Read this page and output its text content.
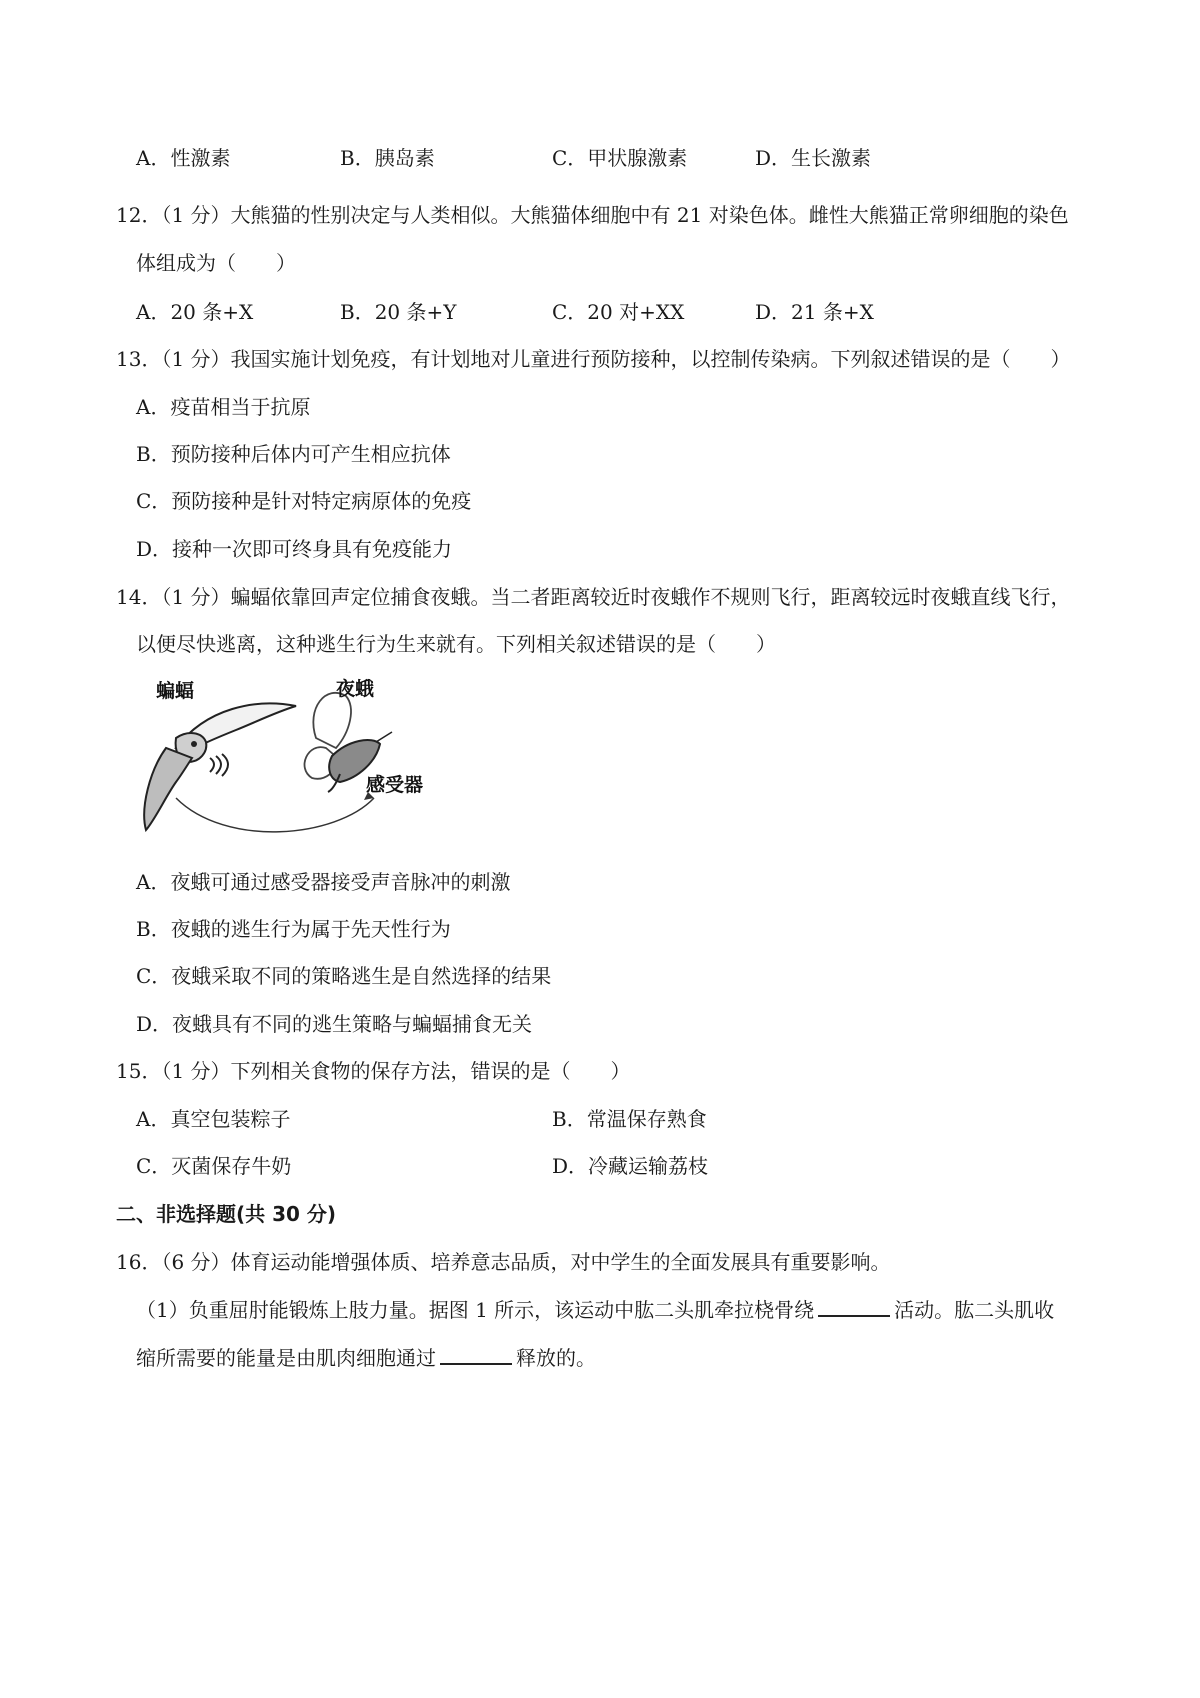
A．性激素	B．胰岛素	C．甲状腺激素	D．生长激素
12．（1 分）大熊猫的性别决定与人类相似。大熊猫体细胞中有 21 对染色体。雌性大熊猫正常卵细胞的染色
体组成为（　　）
A．20 条+X	B．20 条+Y	C．20 对+XX	D．21 条+X
13．（1 分）我国实施计划免疫，有计划地对儿童进行预防接种，以控制传染病。下列叙述错误的是（　　）
A．疫苗相当于抗原
B．预防接种后体内可产生相应抗体
C．预防接种是针对特定病原体的免疫
D．接种一次即可终身具有免疫能力
14．（1 分）蝙蝠依靠回声定位捕食夜蛾。当二者距离较近时夜蛾作不规则飞行，距离较远时夜蛾直线飞行，
以便尽快逃离，这种逃生行为生来就有。下列相关叙述错误的是（　　）
蝙蝠	夜蛾
感受器
A．夜蛾可通过感受器接受声音脉冲的刺激
B．夜蛾的逃生行为属于先天性行为
C．夜蛾采取不同的策略逃生是自然选择的结果
D．夜蛾具有不同的逃生策略与蝙蝠捕食无关
15．（1 分）下列相关食物的保存方法，错误的是（　　）
A．真空包装粽子	B．常温保存熟食
C．灭菌保存牛奶	D．冷藏运输荔枝
二、非选择题(共 30 分)
16．（6 分）体育运动能增强体质、培养意志品质，对中学生的全面发展具有重要影响。
（1）负重屈肘能锻炼上肢力量。据图 1 所示，该运动中肱二头肌牵拉桡骨绕	活动。肱二头肌收
缩所需要的能量是由肌肉细胞通过	释放的。
